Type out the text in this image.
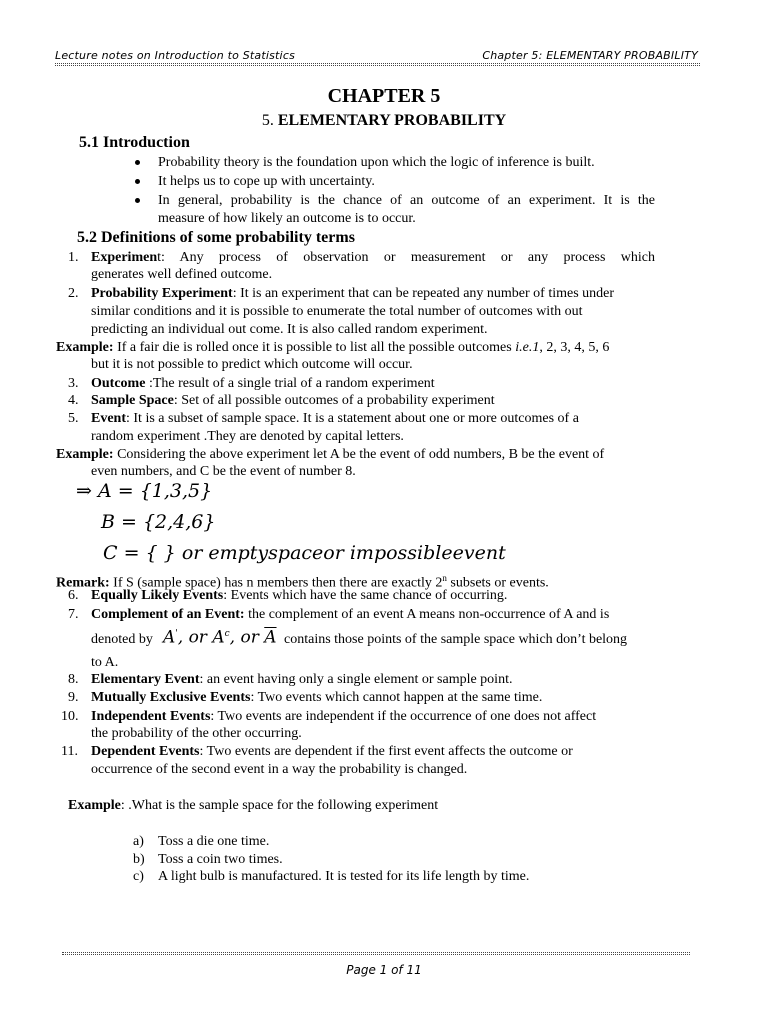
Lecture notes on Introduction to Statistics	Chapter 5: ELEMENTARY PROBABILITY
CHAPTER 5
5. ELEMENTARY PROBABILITY
5.1 Introduction
Probability theory is the foundation upon which the logic of inference is built.
It helps us to cope up with uncertainty.
In general, probability is the chance of an outcome of an experiment. It is the
measure of how likely an outcome is to occur.
5.2 Definitions of some probability terms
1. Experiment: Any process of observation or measurement or any process which
generates well defined outcome.
2. Probability Experiment: It is an experiment that can be repeated any number of times under
similar conditions and it is possible to enumerate the total number of outcomes with out
predicting an individual out come. It is also called random experiment.
Example: If a fair die is rolled once it is possible to list all the possible outcomes i.e.1, 2, 3, 4, 5, 6
but it is not possible to predict which outcome will occur.
3. Outcome :The result of a single trial of a random experiment
4. Sample Space: Set of all possible outcomes of a probability experiment
5. Event: It is a subset of sample space. It is a statement about one or more outcomes of a
random experiment .They are denoted by capital letters.
Example: Considering the above experiment let A be the event of odd numbers, B be the event of
even numbers, and C be the event of number 8.
⇒ A = {1,3,5}
B = {2,4,6}
C = { } or emptyspaceor impossibleevent
Remark: If S (sample space) has n members then there are exactly 2$^n$ subsets or events.
6. Equally Likely Events: Events which have the same chance of occurring.
7. Complement of an Event: the complement of an event A means non-occurrence of A and is
denoted by A', or $A^c$, or $\overline{A}$ contains those points of the sample space which don’t belong
to A.
8. Elementary Event: an event having only a single element or sample point.
9. Mutually Exclusive Events: Two events which cannot happen at the same time.
10. Independent Events: Two events are independent if the occurrence of one does not affect
the probability of the other occurring.
11. Dependent Events: Two events are dependent if the first event affects the outcome or
occurrence of the second event in a way the probability is changed.
Example: .What is the sample space for the following experiment
a) Toss a die one time.
b) Toss a coin two times.
c) A light bulb is manufactured. It is tested for its life length by time.
Page 1 of 11
